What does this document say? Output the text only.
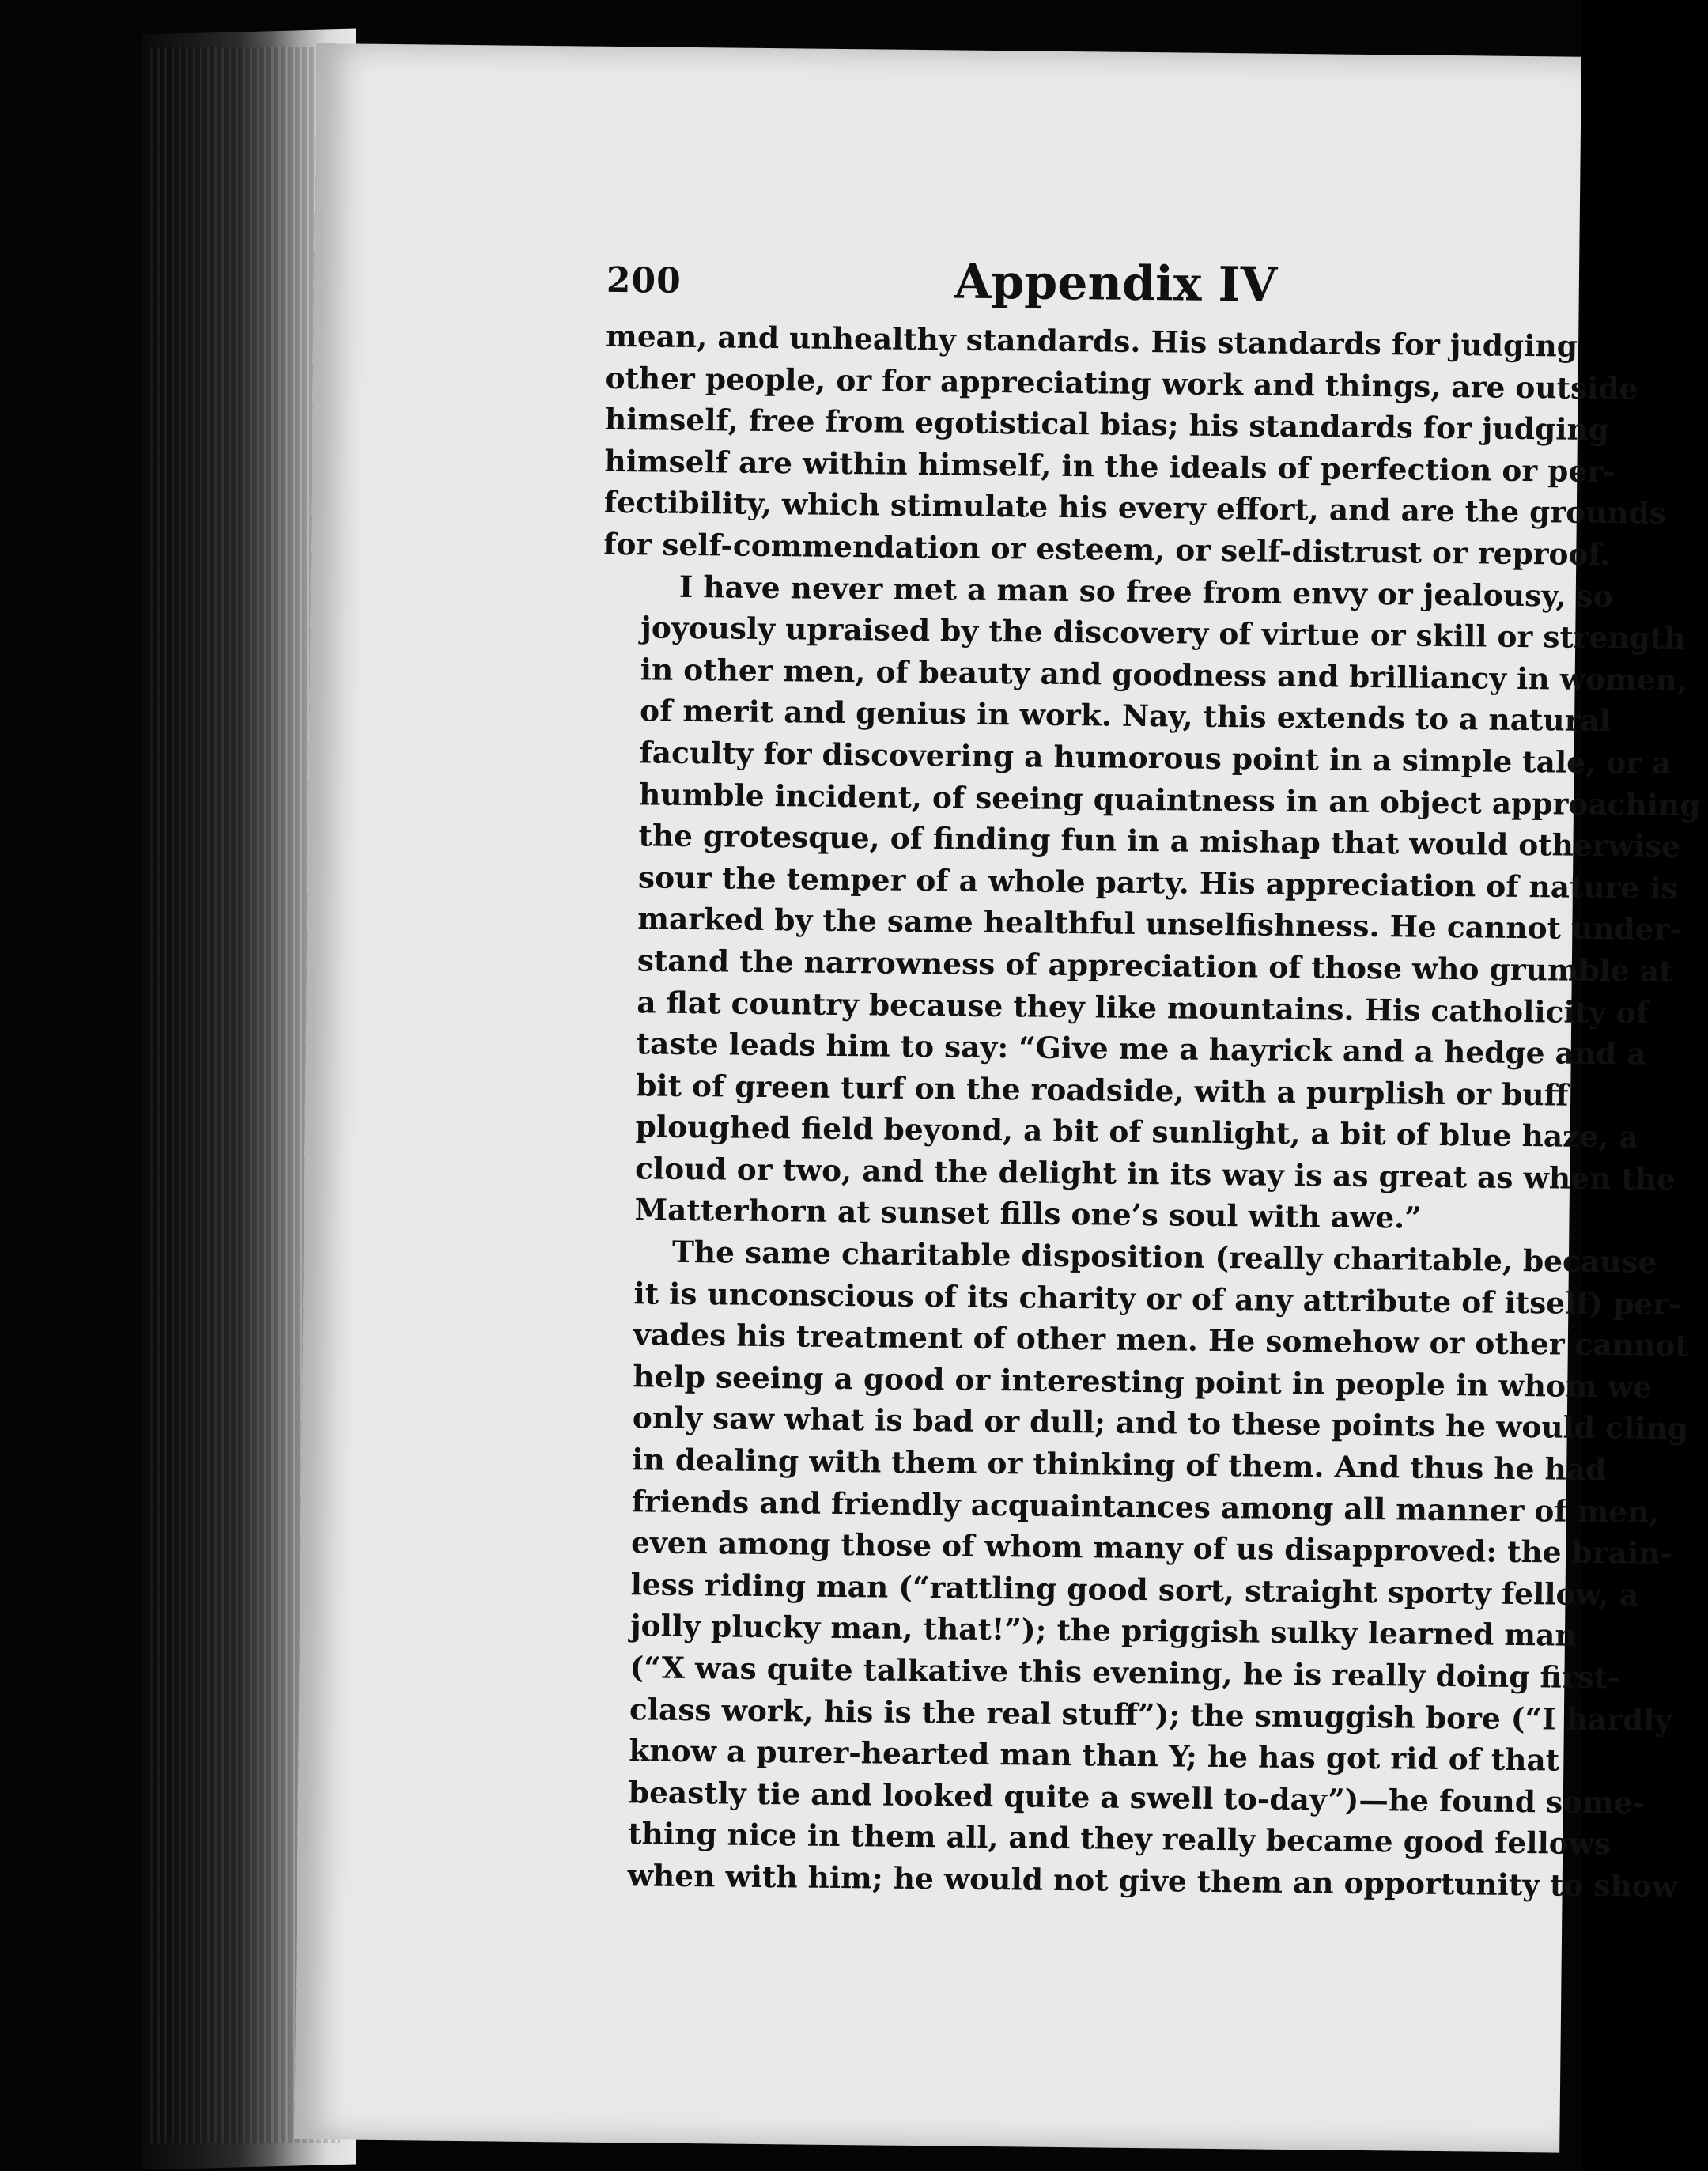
200	Appendix IV
mean, and unhealthy standards. His standards for judging
other people, or for appreciating work and things, are outside
himself, free from egotistical bias; his standards for judging
himself are within himself, in the ideals of perfection or per-
fectibility, which stimulate his every effort, and are the grounds
for self-commendation or esteem, or self-distrust or reproof.
I have never met a man so free from envy or jealousy, so
joyously upraised by the discovery of virtue or skill or strength
in other men, of beauty and goodness and brilliancy in women,
of merit and genius in work. Nay, this extends to a natural
faculty for discovering a humorous point in a simple tale, or a
humble incident, of seeing quaintness in an object approaching
the grotesque, of finding fun in a mishap that would otherwise
sour the temper of a whole party. His appreciation of nature is
marked by the same healthful unselfishness. He cannot under-
stand the narrowness of appreciation of those who grumble at
a flat country because they like mountains. His catholicity of
taste leads him to say: “Give me a hayrick and a hedge and a
bit of green turf on the roadside, with a purplish or buff
ploughed field beyond, a bit of sunlight, a bit of blue haze, a
cloud or two, and the delight in its way is as great as when the
Matterhorn at sunset fills one’s soul with awe.”
The same charitable disposition (really charitable, because
it is unconscious of its charity or of any attribute of itself) per-
vades his treatment of other men. He somehow or other cannot
help seeing a good or interesting point in people in whom we
only saw what is bad or dull; and to these points he would cling
in dealing with them or thinking of them. And thus he had
friends and friendly acquaintances among all manner of men,
even among those of whom many of us disapproved: the brain-
less riding man (“rattling good sort, straight sporty fellow, a
jolly plucky man, that!”); the priggish sulky learned man
(“X was quite talkative this evening, he is really doing first-
class work, his is the real stuff”); the smuggish bore (“I hardly
know a purer-hearted man than Y; he has got rid of that
beastly tie and looked quite a swell to-day”)—he found some-
thing nice in them all, and they really became good fellows
when with him; he would not give them an opportunity to show
